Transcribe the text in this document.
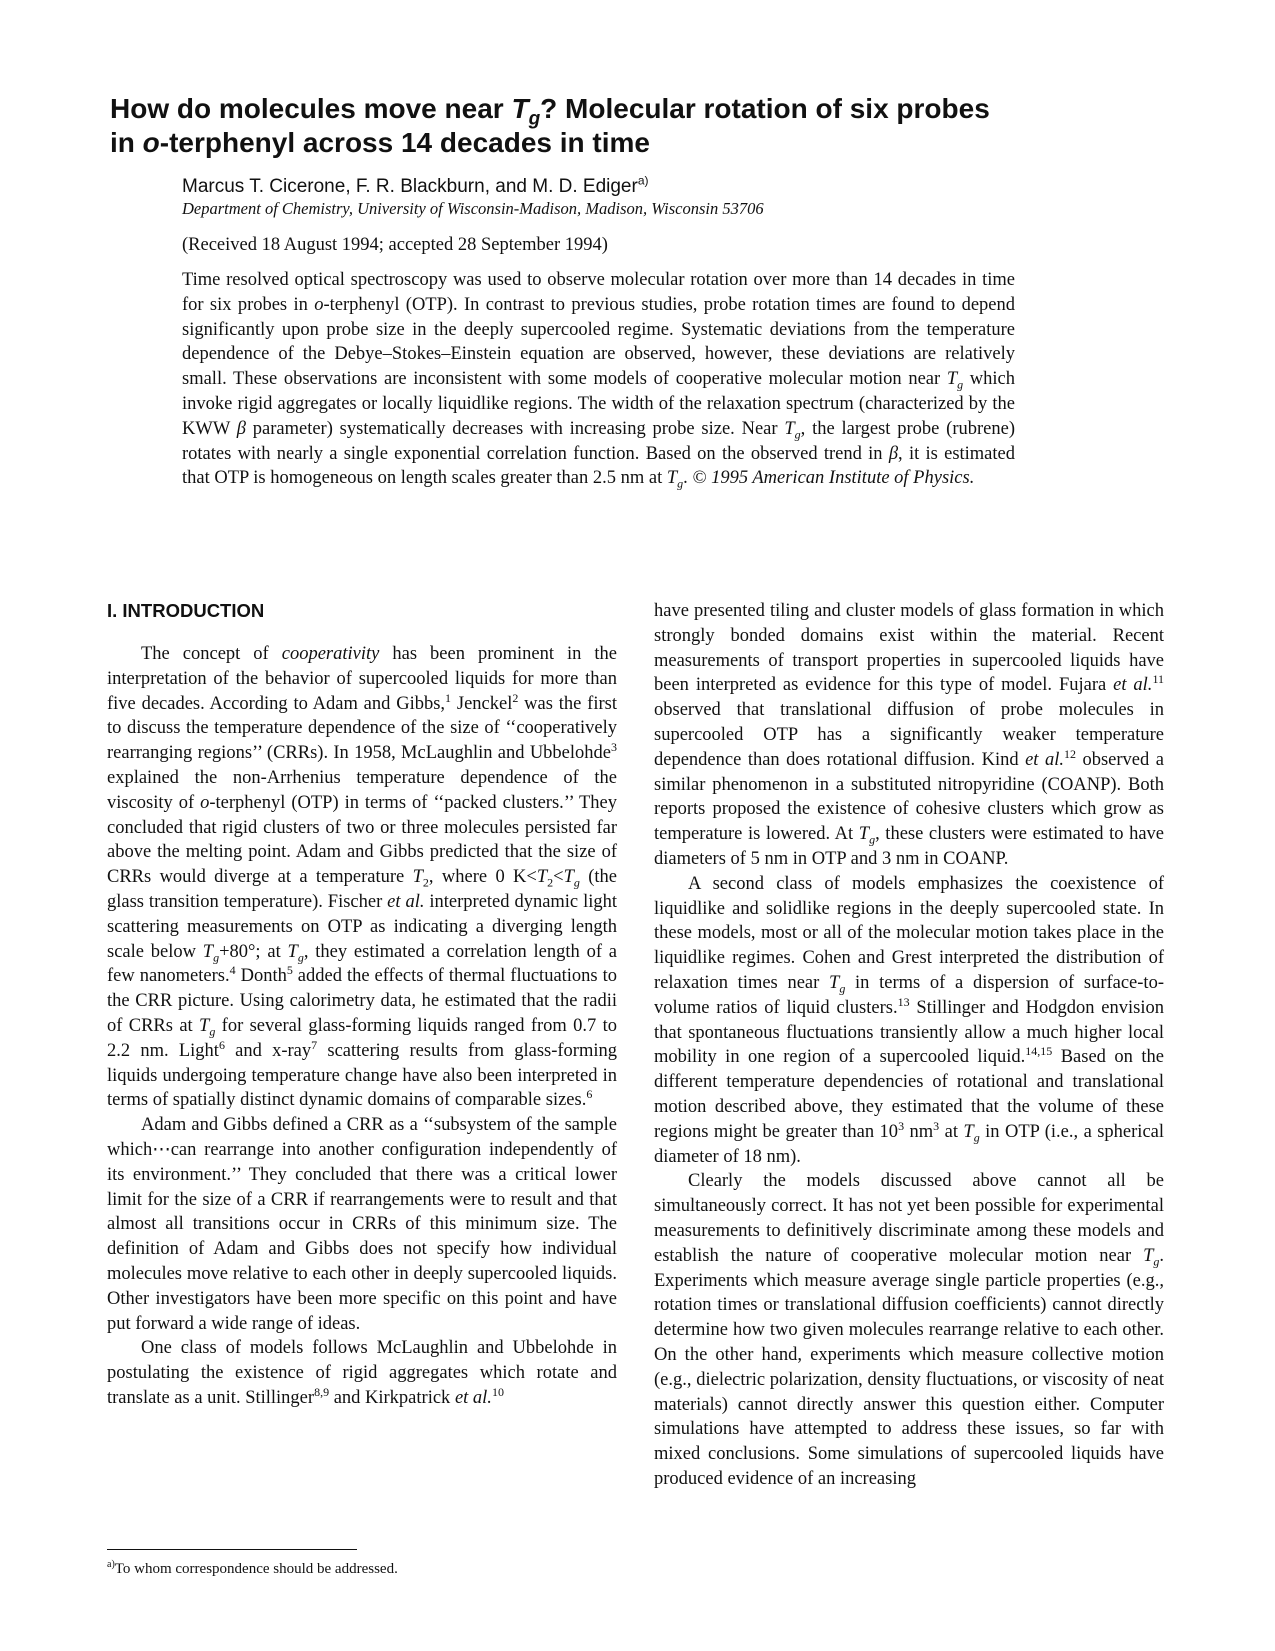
How do molecules move near $T_g$? Molecular rotation of six probes
in o-terphenyl across 14 decades in time
Marcus T. Cicerone, F. R. Blackburn, and M. D. Ediger$^{a)}$
Department of Chemistry, University of Wisconsin-Madison, Madison, Wisconsin 53706
(Received 18 August 1994; accepted 28 September 1994)
Time resolved optical spectroscopy was used to observe molecular rotation over more than 14 decades in time for six probes in o-terphenyl (OTP). In contrast to previous studies, probe rotation times are found to depend significantly upon probe size in the deeply supercooled regime. Systematic deviations from the temperature dependence of the Debye–Stokes–Einstein equation are observed, however, these deviations are relatively small. These observations are inconsistent with some models of cooperative molecular motion near $T_g$ which invoke rigid aggregates or locally liquidlike regions. The width of the relaxation spectrum (characterized by the KWW β parameter) systematically decreases with increasing probe size. Near $T_g$, the largest probe (rubrene) rotates with nearly a single exponential correlation function. Based on the observed trend in β, it is estimated that OTP is homogeneous on length scales greater than 2.5 nm at $T_g$. © 1995 American Institute of Physics.
I. INTRODUCTION

The concept of cooperativity has been prominent in the interpretation of the behavior of supercooled liquids for more than five decades. According to Adam and Gibbs,$^1$ Jenckel$^2$ was the first to discuss the temperature dependence of the size of ‘‘cooperatively rearranging regions’’ (CRRs). In 1958, McLaughlin and Ubbelohde$^3$ explained the non-Arrhenius temperature dependence of the viscosity of o-terphenyl (OTP) in terms of ‘‘packed clusters.’’ They concluded that rigid clusters of two or three molecules persisted far above the melting point. Adam and Gibbs predicted that the size of CRRs would diverge at a temperature $T_2$, where 0 $K<T_2<T_g$ (the glass transition temperature). Fischer et al. interpreted dynamic light scattering measurements on OTP as indicating a diverging length scale below $T_g+80^\circ$; at $T_g$, they estimated a correlation length of a few nanometers.$^4$ Donth$^5$ added the effects of thermal fluctuations to the CRR picture. Using calorimetry data, he estimated that the radii of CRRs at $T_g$ for several glass-forming liquids ranged from 0.7 to 2.2 nm. Light$^6$ and x-ray$^7$ scattering results from glass-forming liquids undergoing temperature change have also been interpreted in terms of spatially distinct dynamic domains of comparable sizes.$^6$

Adam and Gibbs defined a CRR as a ‘‘subsystem of the sample which⋯can rearrange into another configuration independently of its environment.’’ They concluded that there was a critical lower limit for the size of a CRR if rearrangements were to result and that almost all transitions occur in CRRs of this minimum size. The definition of Adam and Gibbs does not specify how individual molecules move relative to each other in deeply supercooled liquids. Other investigators have been more specific on this point and have put forward a wide range of ideas.

One class of models follows McLaughlin and Ubbelohde in postulating the existence of rigid aggregates which rotate and translate as a unit. Stillinger$^{8,9}$ and Kirkpatrick et al.$^{10}$

have presented tiling and cluster models of glass formation in which strongly bonded domains exist within the material. Recent measurements of transport properties in supercooled liquids have been interpreted as evidence for this type of model. Fujara et al.$^{11}$ observed that translational diffusion of probe molecules in supercooled OTP has a significantly weaker temperature dependence than does rotational diffusion. Kind et al.$^{12}$ observed a similar phenomenon in a substituted nitropyridine (COANP). Both reports proposed the existence of cohesive clusters which grow as temperature is lowered. At $T_g$, these clusters were estimated to have diameters of 5 nm in OTP and 3 nm in COANP.

A second class of models emphasizes the coexistence of liquidlike and solidlike regions in the deeply supercooled state. In these models, most or all of the molecular motion takes place in the liquidlike regimes. Cohen and Grest interpreted the distribution of relaxation times near $T_g$ in terms of a dispersion of surface-to-volume ratios of liquid clusters.$^{13}$ Stillinger and Hodgdon envision that spontaneous fluctuations transiently allow a much higher local mobility in one region of a supercooled liquid.$^{14,15}$ Based on the different temperature dependencies of rotational and translational motion described above, they estimated that the volume of these regions might be greater than $10^3$ $nm^3$ at $T_g$ in OTP (i.e., a spherical diameter of 18 nm).

Clearly the models discussed above cannot all be simultaneously correct. It has not yet been possible for experimental measurements to definitively discriminate among these models and establish the nature of cooperative molecular motion near $T_g$. Experiments which measure average single particle properties (e.g., rotation times or translational diffusion coefficients) cannot directly determine how two given molecules rearrange relative to each other. On the other hand, experiments which measure collective motion (e.g., dielectric polarization, density fluctuations, or viscosity of neat materials) cannot directly answer this question either. Computer simulations have attempted to address these issues, so far with mixed conclusions. Some simulations of supercooled liquids have produced evidence of an increasing

$^{a)}$To whom correspondence should be addressed.
